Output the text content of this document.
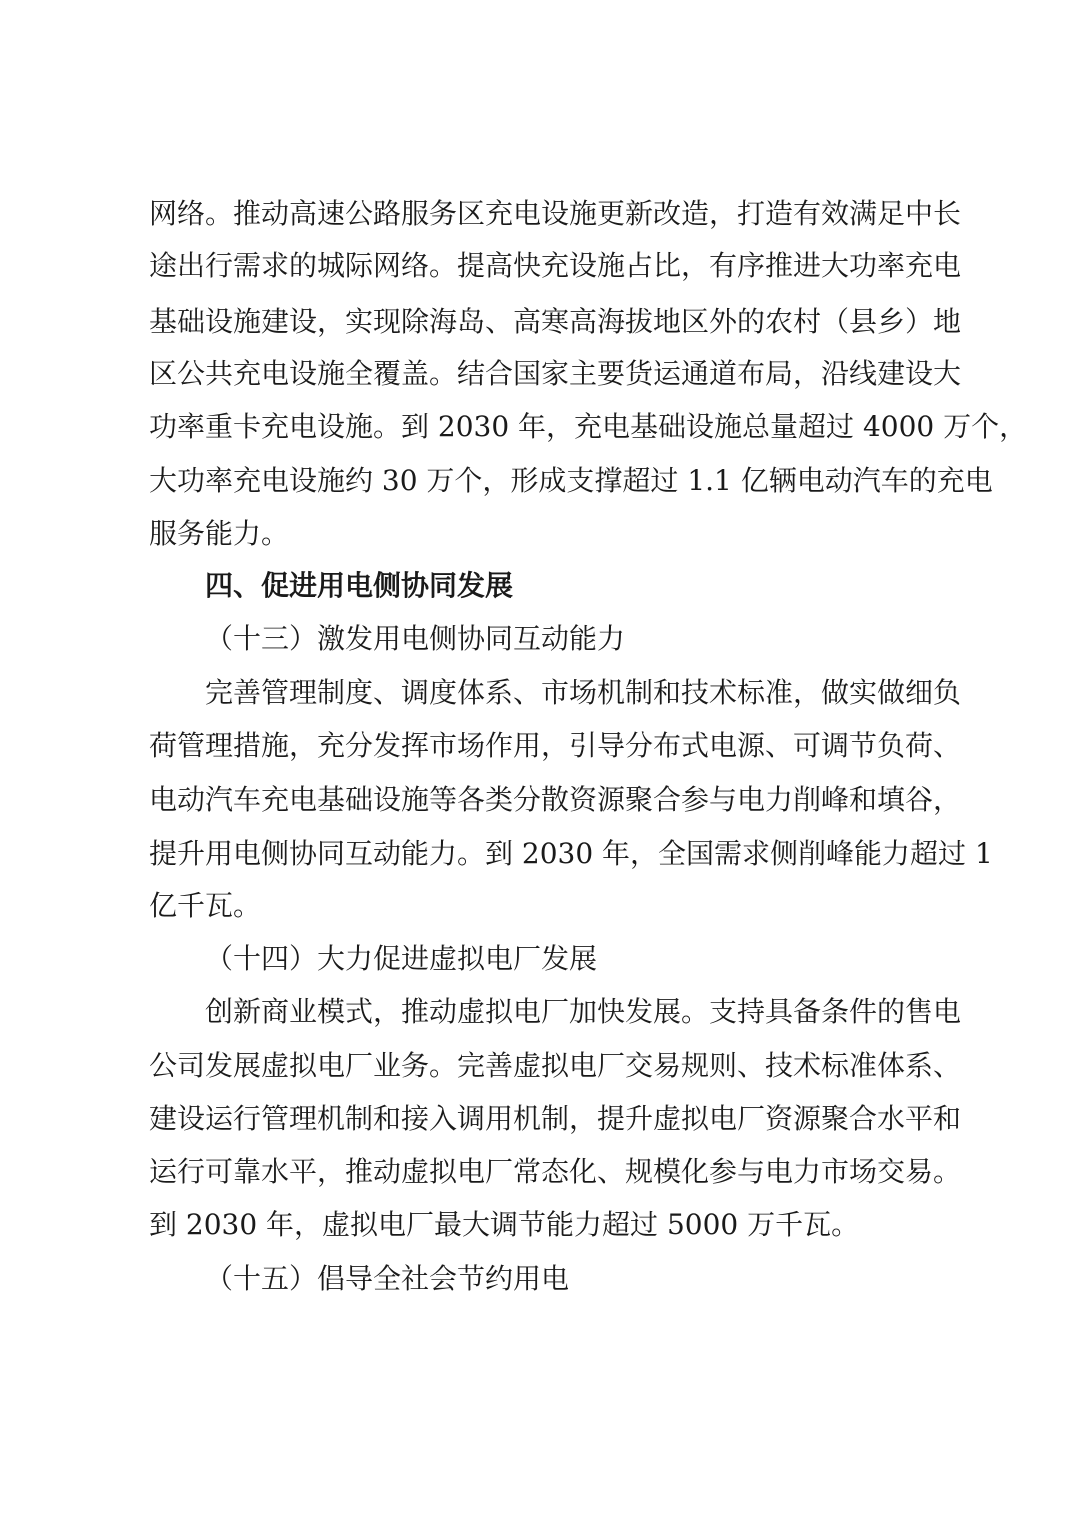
网络。推动高速公路服务区充电设施更新改造，打造有效满足中长
途出行需求的城际网络。提高快充设施占比，有序推进大功率充电
基础设施建设，实现除海岛、高寒高海拔地区外的农村（县乡）地
区公共充电设施全覆盖。结合国家主要货运通道布局，沿线建设大
功率重卡充电设施。到 2030 年，充电基础设施总量超过 4000 万个，
大功率充电设施约 30 万个，形成支撑超过 1.1 亿辆电动汽车的充电
服务能力。
四、促进用电侧协同发展
（十三）激发用电侧协同互动能力
完善管理制度、调度体系、市场机制和技术标准，做实做细负
荷管理措施，充分发挥市场作用，引导分布式电源、可调节负荷、
电动汽车充电基础设施等各类分散资源聚合参与电力削峰和填谷，
提升用电侧协同互动能力。到 2030 年，全国需求侧削峰能力超过 1
亿千瓦。
（十四）大力促进虚拟电厂发展
创新商业模式，推动虚拟电厂加快发展。支持具备条件的售电
公司发展虚拟电厂业务。完善虚拟电厂交易规则、技术标准体系、
建设运行管理机制和接入调用机制，提升虚拟电厂资源聚合水平和
运行可靠水平，推动虚拟电厂常态化、规模化参与电力市场交易。
到 2030 年，虚拟电厂最大调节能力超过 5000 万千瓦。
（十五）倡导全社会节约用电
